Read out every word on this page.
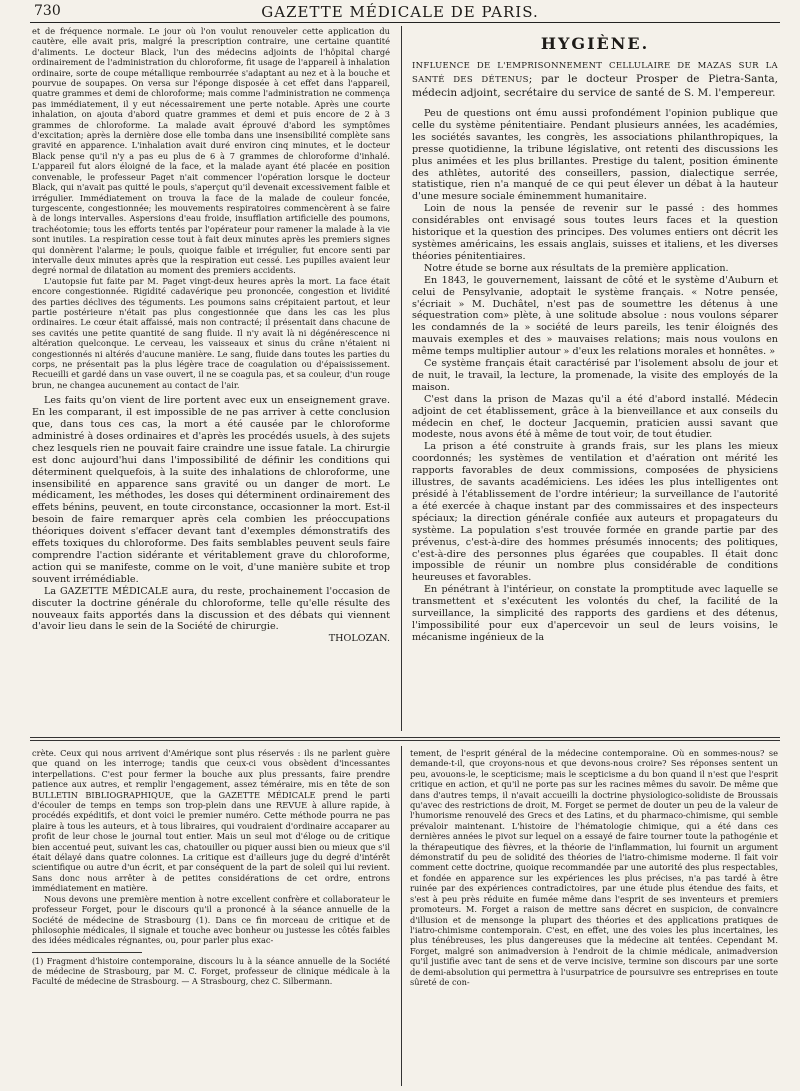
730	GAZETTE MÉDICALE DE PARIS.

et de fréquence normale. Le jour où l'on voulut renouveler cette application du cautère, elle avait pris, malgré la prescription contraire, une certaine quantité d'aliments. Le docteur Black, l'un des médecins adjoints de l'hôpital chargé ordinairement de l'administration du chloroforme, fit usage de l'appareil à inhalation ordinaire, sorte de coupe métallique rembourrée s'adaptant au nez et à la bouche et pourvue de soupapes. On versa sur l'éponge disposée à cet effet dans l'appareil, quatre grammes et demi de chloroforme; mais comme l'administration ne commença pas immédiatement, il y eut nécessairement une perte notable. Après une courte inhalation, on ajouta d'abord quatre grammes et demi et puis encore de 2 à 3 grammes de chloroforme. La malade avait éprouvé d'abord les symptômes d'excitation; après la dernière dose elle tomba dans une insensibilité complète sans gravité en apparence. L'inhalation avait duré environ cinq minutes, et le docteur Black pense qu'il n'y a pas eu plus de 6 à 7 grammes de chloroforme d'inhalé. L'appareil fut alors éloigné de la face, et la malade ayant été placée en position convenable, le professeur Paget n'ait commencer l'opération lorsque le docteur Black, qui n'avait pas quitté le pouls, s'aperçut qu'il devenait excessivement faible et irrégulier. Immédiatement on trouva la face de la malade de couleur foncée, turgescente, congestionnée; les mouvements respiratoires commencèrent à se faire à de longs intervalles. Aspersions d'eau froide, insufflation artificielle des poumons, trachéotomie; tous les efforts tentés par l'opérateur pour ramener la malade à la vie sont inutiles. La respiration cesse tout à fait deux minutes après les premiers signes qui donnèrent l'alarme; le pouls, quoique faible et irrégulier, fut encore senti par intervalle deux minutes après que la respiration eut cessé. Les pupilles avaient leur degré normal de dilatation au moment des premiers accidents.

L'autopsie fut faite par M. Paget vingt-deux heures après la mort. La face était encore congestionnée. Rigidité cadavérique peu prononcée, congestion et lividité des parties déclives des téguments. Les poumons sains crépitaient partout, et leur partie postérieure n'était pas plus congestionnée que dans les cas les plus ordinaires. Le cœur était affaissé, mais non contracté; il présentait dans chacune de ses cavités une petite quantité de sang fluide. Il n'y avait là ni dégénérescence ni altération quelconque. Le cerveau, les vaisseaux et sinus du crâne n'étaient ni congestionnés ni altérés d'aucune manière. Le sang, fluide dans toutes les parties du corps, ne présentait pas la plus légère trace de coagulation ou d'épaississement. Recueilli et gardé dans un vase ouvert, il ne se coagula pas, et sa couleur, d'un rouge brun, ne changea aucunement au contact de l'air.

Les faits qu'on vient de lire portent avec eux un enseignement grave. En les comparant, il est impossible de ne pas arriver à cette conclusion que, dans tous ces cas, la mort a été causée par le chloroforme administré à doses ordinaires et d'après les procédés usuels, à des sujets chez lesquels rien ne pouvait faire craindre une issue fatale. La chirurgie est donc aujourd'hui dans l'impossibilité de définir les conditions qui déterminent quelquefois, à la suite des inhalations de chloroforme, une insensibilité en apparence sans gravité ou un danger de mort. Le médicament, les méthodes, les doses qui déterminent ordinairement des effets bénins, peuvent, en toute circonstance, occasionner la mort. Est-il besoin de faire remarquer après cela combien les préoccupations théoriques doivent s'effacer devant tant d'exemples démonstratifs des effets toxiques du chloroforme. Des faits semblables peuvent seuls faire comprendre l'action sidérante et véritablement grave du chloroforme, action qui se manifeste, comme on le voit, d'une manière subite et trop souvent irrémédiable.

La GAZETTE MÉDICALE aura, du reste, prochainement l'occasion de discuter la doctrine générale du chloroforme, telle qu'elle résulte des nouveaux faits apportés dans la discussion et des débats qui viennent d'avoir lieu dans le sein de la Société de chirurgie.

THOLOZAN.

HYGIÈNE.
INFLUENCE DE L'EMPRISONNEMENT CELLULAIRE DE MAZAS SUR LA SANTÉ DES DÉTENUS; par le docteur Prosper de Pietra-Santa, médecin adjoint, secrétaire du service de santé de S. M. l'empereur.

Peu de questions ont ému aussi profondément l'opinion publique que celle du système pénitentiaire. Pendant plusieurs années, les académies, les sociétés savantes, les congrès, les associations philanthropiques, la presse quotidienne, la tribune législative, ont retenti des discussions les plus animées et les plus brillantes. Prestige du talent, position éminente des athlètes, autorité des conseillers, passion, dialectique serrée, statistique, rien n'a manqué de ce qui peut élever un débat à la hauteur d'une mesure sociale éminemment humanitaire.

Loin de nous la pensée de revenir sur le passé : des hommes considérables ont envisagé sous toutes leurs faces et la question historique et la question des principes. Des volumes entiers ont décrit les systèmes américains, les essais anglais, suisses et italiens, et les diverses théories pénitentiaires.

Notre étude se borne aux résultats de la première application.

En 1843, le gouvernement, laissant de côté et le système d'Auburn et celui de Pensylvanie, adoptait le système français. « Notre pensée, s'écriait » M. Duchâtel, n'est pas de soumettre les détenus à une séquestration com» plète, à une solitude absolue : nous voulons séparer les condamnés de la » société de leurs pareils, les tenir éloignés des mauvais exemples et des » mauvaises relations; mais nous voulons en même temps multiplier autour » d'eux les relations morales et honnêtes. »

Ce système français était caractérisé par l'isolement absolu de jour et de nuit, le travail, la lecture, la promenade, la visite des employés de la maison.

C'est dans la prison de Mazas qu'il a été d'abord installé. Médecin adjoint de cet établissement, grâce à la bienveillance et aux conseils du médecin en chef, le docteur Jacquemin, praticien aussi savant que modeste, nous avons été à même de tout voir, de tout étudier.

La prison a été construite à grands frais, sur les plans les mieux coordonnés; les systèmes de ventilation et d'aération ont mérité les rapports favorables de deux commissions, composées de physiciens illustres, de savants académiciens. Les idées les plus intelligentes ont présidé à l'établissement de l'ordre intérieur; la surveillance de l'autorité a été exercée à chaque instant par des commissaires et des inspecteurs spéciaux; la direction générale confiée aux auteurs et propagateurs du système. La population s'est trouvée formée en grande partie par des prévenus, c'est-à-dire des hommes présumés innocents; des politiques, c'est-à-dire des personnes plus égarées que coupables. Il était donc impossible de réunir un nombre plus considérable de conditions heureuses et favorables.

En pénétrant à l'intérieur, on constate la promptitude avec laquelle se transmettent et s'exécutent les volontés du chef, la facilité de la surveillance, la simplicité des rapports des gardiens et des détenus, l'impossibilité pour eux d'apercevoir un seul de leurs voisins, le mécanisme ingénieux de la

crète. Ceux qui nous arrivent d'Amérique sont plus réservés : ils ne parlent guère que quand on les interroge; tandis que ceux-ci vous obsèdent d'incessantes interpellations. C'est pour fermer la bouche aux plus pressants, faire prendre patience aux autres, et remplir l'engagement, assez téméraire, mis en tête de son BULLETIN BIBLIOGRAPHIQUE, que la GAZETTE MÉDICALE prend le parti d'écouler de temps en temps son trop-plein dans une REVUE à allure rapide, à procédés expéditifs, et dont voici le premier numéro. Cette méthode pourra ne pas plaire à tous les auteurs, et à tous libraires, qui voudraient d'ordinaire accaparer au profit de leur chose le journal tout entier. Mais un seul mot d'éloge ou de critique bien accentué peut, suivant les cas, chatouiller ou piquer aussi bien ou mieux que s'il était délayé dans quatre colonnes. La critique est d'ailleurs juge du degré d'intérêt scientifique ou autre d'un écrit, et par conséquent de la part de soleil qui lui revient. Sans donc nous arrêter à de petites considérations de cet ordre, entrons immédiatement en matière.

Nous devons une première mention à notre excellent confrère et collaborateur le professeur Forget, pour le discours qu'il a prononcé à la séance annuelle de la Société de médecine de Strasbourg (1). Dans ce fin morceau de critique et de philosophie médicales, il signale et touche avec bonheur ou justesse les côtés faibles des idées médicales régnantes, ou, pour parler plus exac-

(1) Fragment d'histoire contemporaine, discours lu à la séance annuelle de la Société de médecine de Strasbourg, par M. C. Forget, professeur de clinique médicale à la Faculté de médecine de Strasbourg. — A Strasbourg, chez C. Silbermann.

tement, de l'esprit général de la médecine contemporaine. Où en sommes-nous? se demande-t-il, que croyons-nous et que devons-nous croire? Ses réponses sentent un peu, avouons-le, le scepticisme; mais le scepticisme a du bon quand il n'est que l'esprit critique en action, et qu'il ne porte pas sur les racines mêmes du savoir. De même que dans d'autres temps, il n'avait accueilli la doctrine physiologico-solidiste de Broussais qu'avec des restrictions de droit, M. Forget se permet de douter un peu de la valeur de l'humorisme renouvelé des Grecs et des Latins, et du pharmaco-chimisme, qui semble prévaloir maintenant. L'histoire de l'hématologie chimique, qui a été dans ces dernières années le pivot sur lequel on a essayé de faire tourner toute la pathogénie et la thérapeutique des fièvres, et la théorie de l'inflammation, lui fournit un argument démonstratif du peu de solidité des théories de l'iatro-chimisme moderne. Il fait voir comment cette doctrine, quoique recommandée par une autorité des plus respectables, et fondée en apparence sur les expériences les plus précises, n'a pas tardé à être ruinée par des expériences contradictoires, par une étude plus étendue des faits, et s'est à peu près réduite en fumée même dans l'esprit de ses inventeurs et premiers promoteurs. M. Forget a raison de mettre sans décret en suspicion, de convaincre d'illusion et de mensonge la plupart des théories et des applications pratiques de l'iatro-chimisme contemporain. C'est, en effet, une des voies les plus incertaines, les plus ténébreuses, les plus dangereuses que la médecine ait tentées. Cependant M. Forget, malgré son animadversion à l'endroit de la chimie médicale, animadversion qu'il justifie avec tant de sens et de verve incisive, termine son discours par une sorte de demi-absolution qui permettra à l'usurpatrice de poursuivre ses entreprises en toute sûreté de con-
